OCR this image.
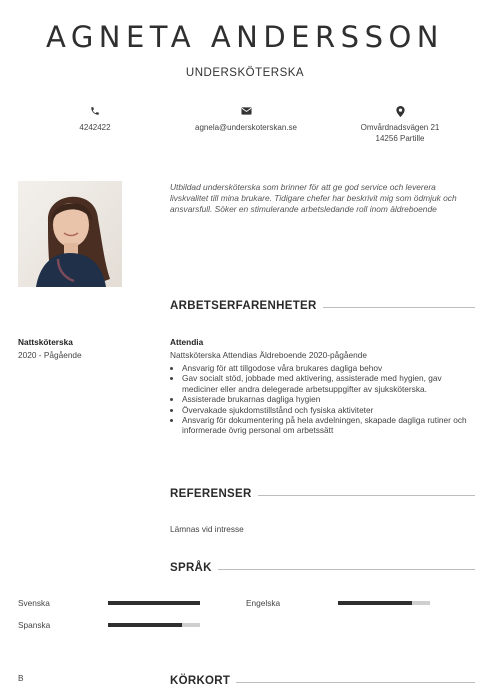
AGNETA ANDERSSON
UNDERSKÖTERSKA
4242422	agnela@underskoterskan.se	Omvårdnadsvägen 21
14256 Partille
Utbildad undersköterska som brinner för att ge god service och leverera livskvalitet till mina brukare. Tidigare chefer har beskrivit mig som ödmjuk och ansvarsfull. Söker en stimulerande arbetsledande roll inom äldreboende
ARBETSERFARENHETER
Nattsköterska
2020 - Pågående
Attendia
Nattsköterska Attendias Äldreboende 2020-pågående
• Ansvarig för att tillgodose våra brukares dagliga behov
• Gav socialt stöd, jobbade med aktivering, assisterade med hygien, gav mediciner eller andra delegerade arbetsuppgifter av sjuksköterska.
• Assisterade brukarnas dagliga hygien
• Övervakade sjukdomstillstånd och fysiska aktiviteter
• Ansvarig för dokumentering på hela avdelningen, skapade dagliga rutiner och informerade övrig personal om arbetssätt
REFERENSER
Lämnas vid intresse
SPRÅK
Svenska	Engelska
Spanska
B	KÖRKORT
